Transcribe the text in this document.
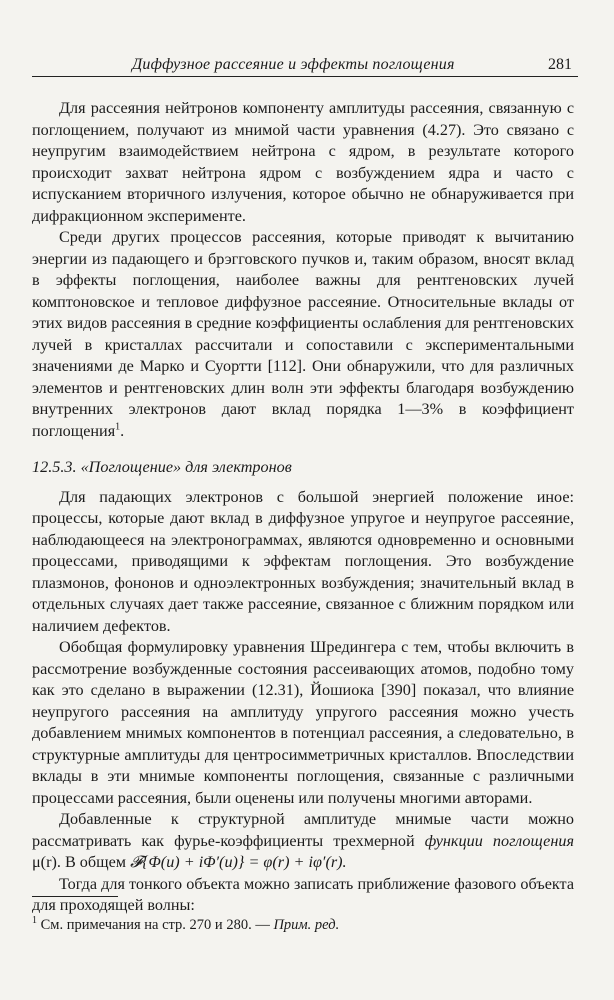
Диффузное рассеяние и эффекты поглощения	281

Для рассеяния нейтронов компоненту амплитуды рассеяния, связанную с поглощением, получают из мнимой части уравнения (4.27). Это связано с неупругим взаимодействием нейтрона с ядром, в результате которого происходит захват нейтрона ядром с возбуждением ядра и часто с испусканием вторичного излучения, которое обычно не обнаруживается при дифракционном эксперименте.

Среди других процессов рассеяния, которые приводят к вычитанию энергии из падающего и брэгговского пучков и, таким образом, вносят вклад в эффекты поглощения, наиболее важны для рентгеновских лучей комптоновское и тепловое диффузное рассеяние. Относительные вклады от этих видов рассеяния в средние коэффициенты ослабления для рентгеновских лучей в кристаллах рассчитали и сопоставили с экспериментальными значениями де Марко и Суортти [112]. Они обнаружили, что для различных элементов и рентгеновских длин волн эти эффекты благодаря возбуждению внутренних электронов дают вклад порядка 1—3% в коэффициент поглощения$^1$.

12.5.3. «Поглощение» для электронов

Для падающих электронов с большой энергией положение иное: процессы, которые дают вклад в диффузное упругое и неупругое рассеяние, наблюдающееся на электронограммах, являются одновременно и основными процессами, приводящими к эффектам поглощения. Это возбуждение плазмонов, фононов и одноэлектронных возбуждения; значительный вклад в отдельных случаях дает также рассеяние, связанное с ближним порядком или наличием дефектов.

Обобщая формулировку уравнения Шредингера с тем, чтобы включить в рассмотрение возбужденные состояния рассеивающих атомов, подобно тому как это сделано в выражении (12.31), Йошиока [390] показал, что влияние неупругого рассеяния на амплитуду упругого рассеяния можно учесть добавлением мнимых компонентов в потенциал рассеяния, а следовательно, в структурные амплитуды для центросимметричных кристаллов. Впоследствии вклады в эти мнимые компоненты поглощения, связанные с различными процессами рассеяния, были оценены или получены многими авторами.

Добавленные к структурной амплитуде мнимые части можно рассматривать как фурье-коэффициенты трехмерной функции поглощения μ(r). В общем 𝓕{Φ(u) + iΦ′(u)} = φ(r) + iφ′(r).

Тогда для тонкого объекта можно записать приближение фазового объекта для проходящей волны:

$^1$ См. примечания на стр. 270 и 280. — Прим. ред.
